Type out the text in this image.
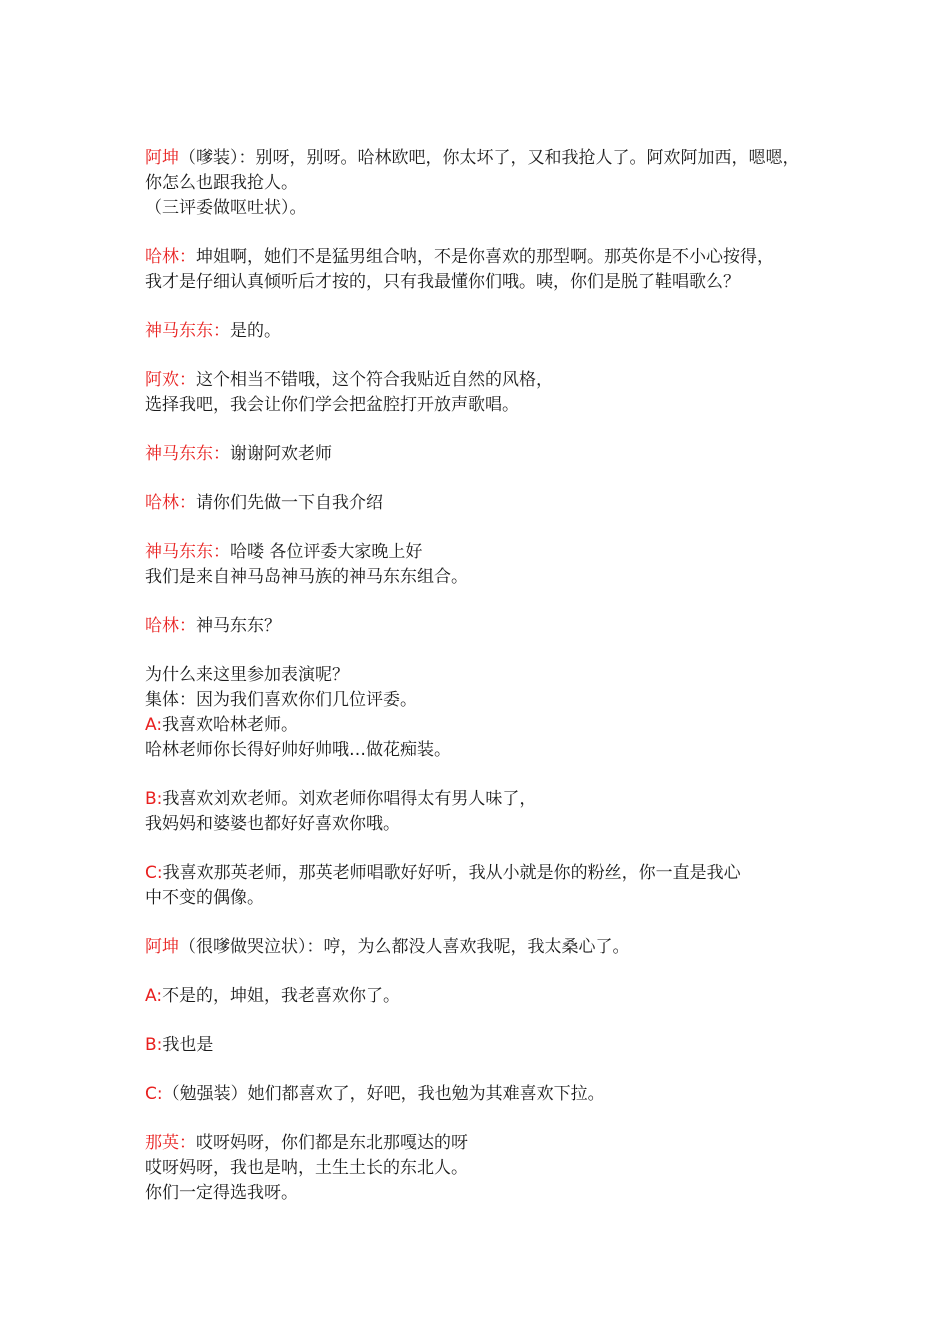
阿坤（嗲装）：别呀，别呀。哈林欧吧，你太坏了，又和我抢人了。阿欢阿加西，嗯嗯，
你怎么也跟我抢人。
（三评委做呕吐状）。
哈林：坤姐啊，她们不是猛男组合呐，不是你喜欢的那型啊。那英你是不小心按得，
我才是仔细认真倾听后才按的，只有我最懂你们哦。咦，你们是脱了鞋唱歌么？
神马东东：是的。
阿欢：这个相当不错哦，这个符合我贴近自然的风格，
选择我吧，我会让你们学会把盆腔打开放声歌唱。
神马东东：谢谢阿欢老师
哈林：请你们先做一下自我介绍
神马东东：哈喽 各位评委大家晚上好
我们是来自神马岛神马族的神马东东组合。
哈林：神马东东？
为什么来这里参加表演呢？
集体：因为我们喜欢你们几位评委。
A:我喜欢哈林老师。
哈林老师你长得好帅好帅哦…做花痴装。
B:我喜欢刘欢老师。刘欢老师你唱得太有男人味了，
我妈妈和婆婆也都好好喜欢你哦。
C:我喜欢那英老师，那英老师唱歌好好听，我从小就是你的粉丝，你一直是我心
中不变的偶像。
阿坤（很嗲做哭泣状）：哼，为么都没人喜欢我呢，我太桑心了。
A:不是的，坤姐，我老喜欢你了。
B:我也是
C:（勉强装）她们都喜欢了，好吧，我也勉为其难喜欢下拉。
那英：哎呀妈呀，你们都是东北那嘎达的呀
哎呀妈呀，我也是呐，土生土长的东北人。
你们一定得选我呀。
